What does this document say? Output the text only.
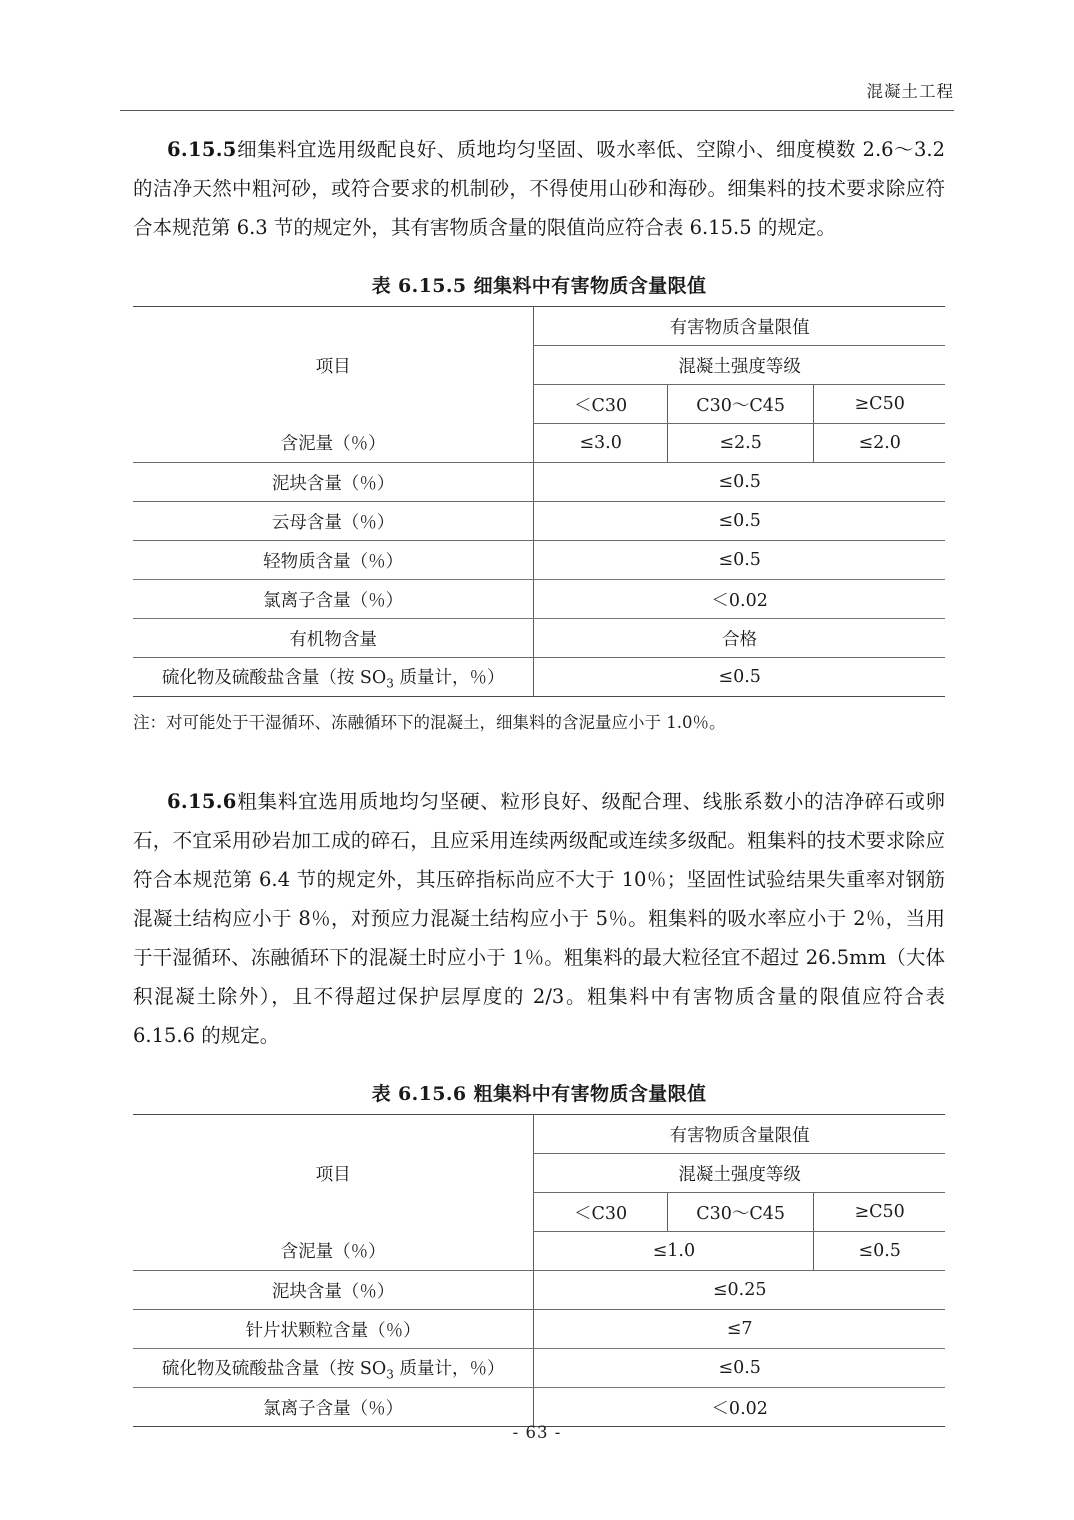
混凝土工程

6.15.5细集料宜选用级配良好、质地均匀坚固、吸水率低、空隙小、细度模数 2.6～3.2 的洁净天然中粗河砂，或符合要求的机制砂，不得使用山砂和海砂。细集料的技术要求除应符合本规范第 6.3 节的规定外，其有害物质含量的限值尚应符合表 6.15.5 的规定。

表 6.15.5 细集料中有害物质含量限值
项目	有害物质含量限值		
	混凝土强度等级		
	＜C30	C30～C45	≥C50
含泥量（％）	≤3.0	≤2.5	≤2.0
泥块含量（％）	≤0.5		
云母含量（％）	≤0.5		
轻物质含量（％）	≤0.5		
氯离子含量（％）	＜0.02		
有机物含量	合格		
硫化物及硫酸盐含量（按 $SO_3$ 质量计，％）	≤0.5		

注：对可能处于干湿循环、冻融循环下的混凝土，细集料的含泥量应小于 1.0％。

6.15.6粗集料宜选用质地均匀坚硬、粒形良好、级配合理、线胀系数小的洁净碎石或卵石，不宜采用砂岩加工成的碎石，且应采用连续两级配或连续多级配。粗集料的技术要求除应符合本规范第 6.4 节的规定外，其压碎指标尚应不大于 10％；坚固性试验结果失重率对钢筋混凝土结构应小于 8％，对预应力混凝土结构应小于 5％。粗集料的吸水率应小于 2％，当用于干湿循环、冻融循环下的混凝土时应小于 1％。粗集料的最大粒径宜不超过 26.5mm（大体积混凝土除外），且不得超过保护层厚度的 2/3。粗集料中有害物质含量的限值应符合表 6.15.6 的规定。

表 6.15.6 粗集料中有害物质含量限值
项目	有害物质含量限值		
	混凝土强度等级		
	＜C30	C30～C45	≥C50
含泥量（％）	≤1.0		≤0.5
泥块含量（％）	≤0.25		
针片状颗粒含量（％）	≤7		
硫化物及硫酸盐含量（按 $SO_3$ 质量计，％）	≤0.5		
氯离子含量（％）	＜0.02		
- 63 -
